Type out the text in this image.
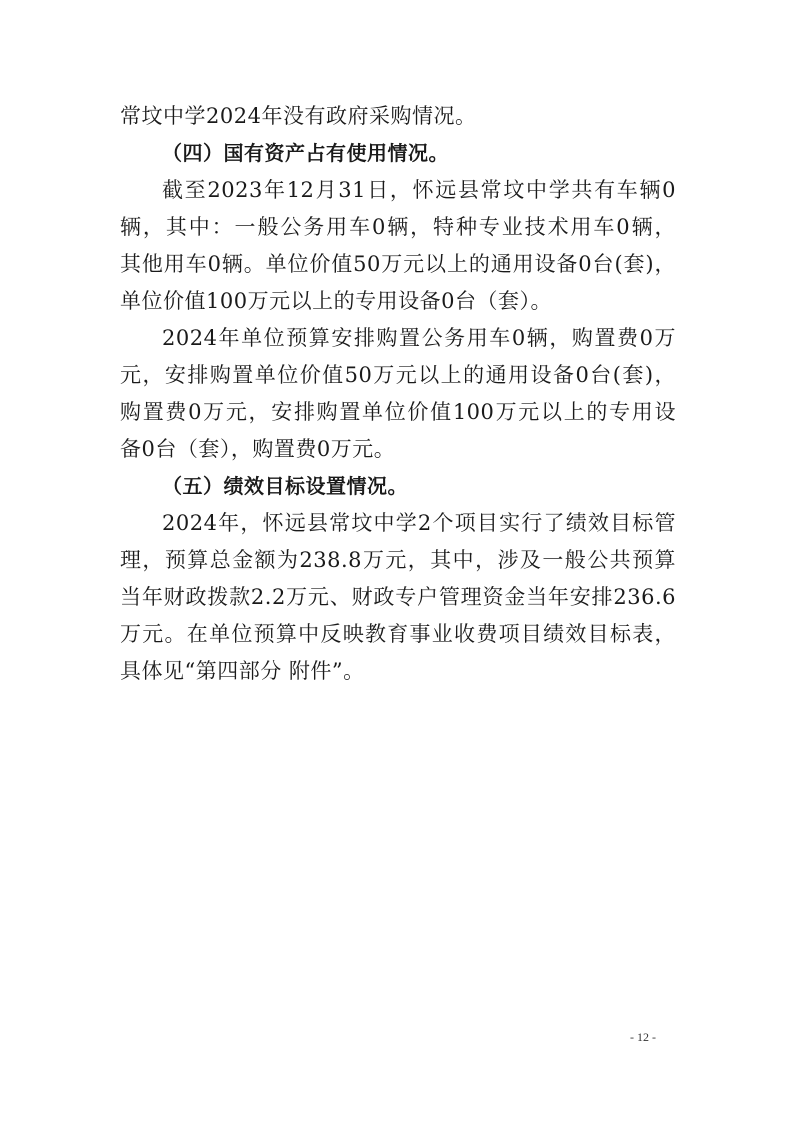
常坟中学2024年没有政府采购情况。
（四）国有资产占有使用情况。
截至2023年12月31日，怀远县常坟中学共有车辆0
辆，其中：一般公务用车0辆，特种专业技术用车0辆，
其他用车0辆。单位价值50万元以上的通用设备0台(套)，
单位价值100万元以上的专用设备0台（套）。
2024年单位预算安排购置公务用车0辆，购置费0万
元，安排购置单位价值50万元以上的通用设备0台(套)，
购置费0万元，安排购置单位价值100万元以上的专用设
备0台（套），购置费0万元。
（五）绩效目标设置情况。
2024年，怀远县常坟中学2个项目实行了绩效目标管
理，预算总金额为238.8万元，其中，涉及一般公共预算
当年财政拨款2.2万元、财政专户管理资金当年安排236.6
万元。在单位预算中反映教育事业收费项目绩效目标表，
具体见“第四部分 附件”。
- 12 -
